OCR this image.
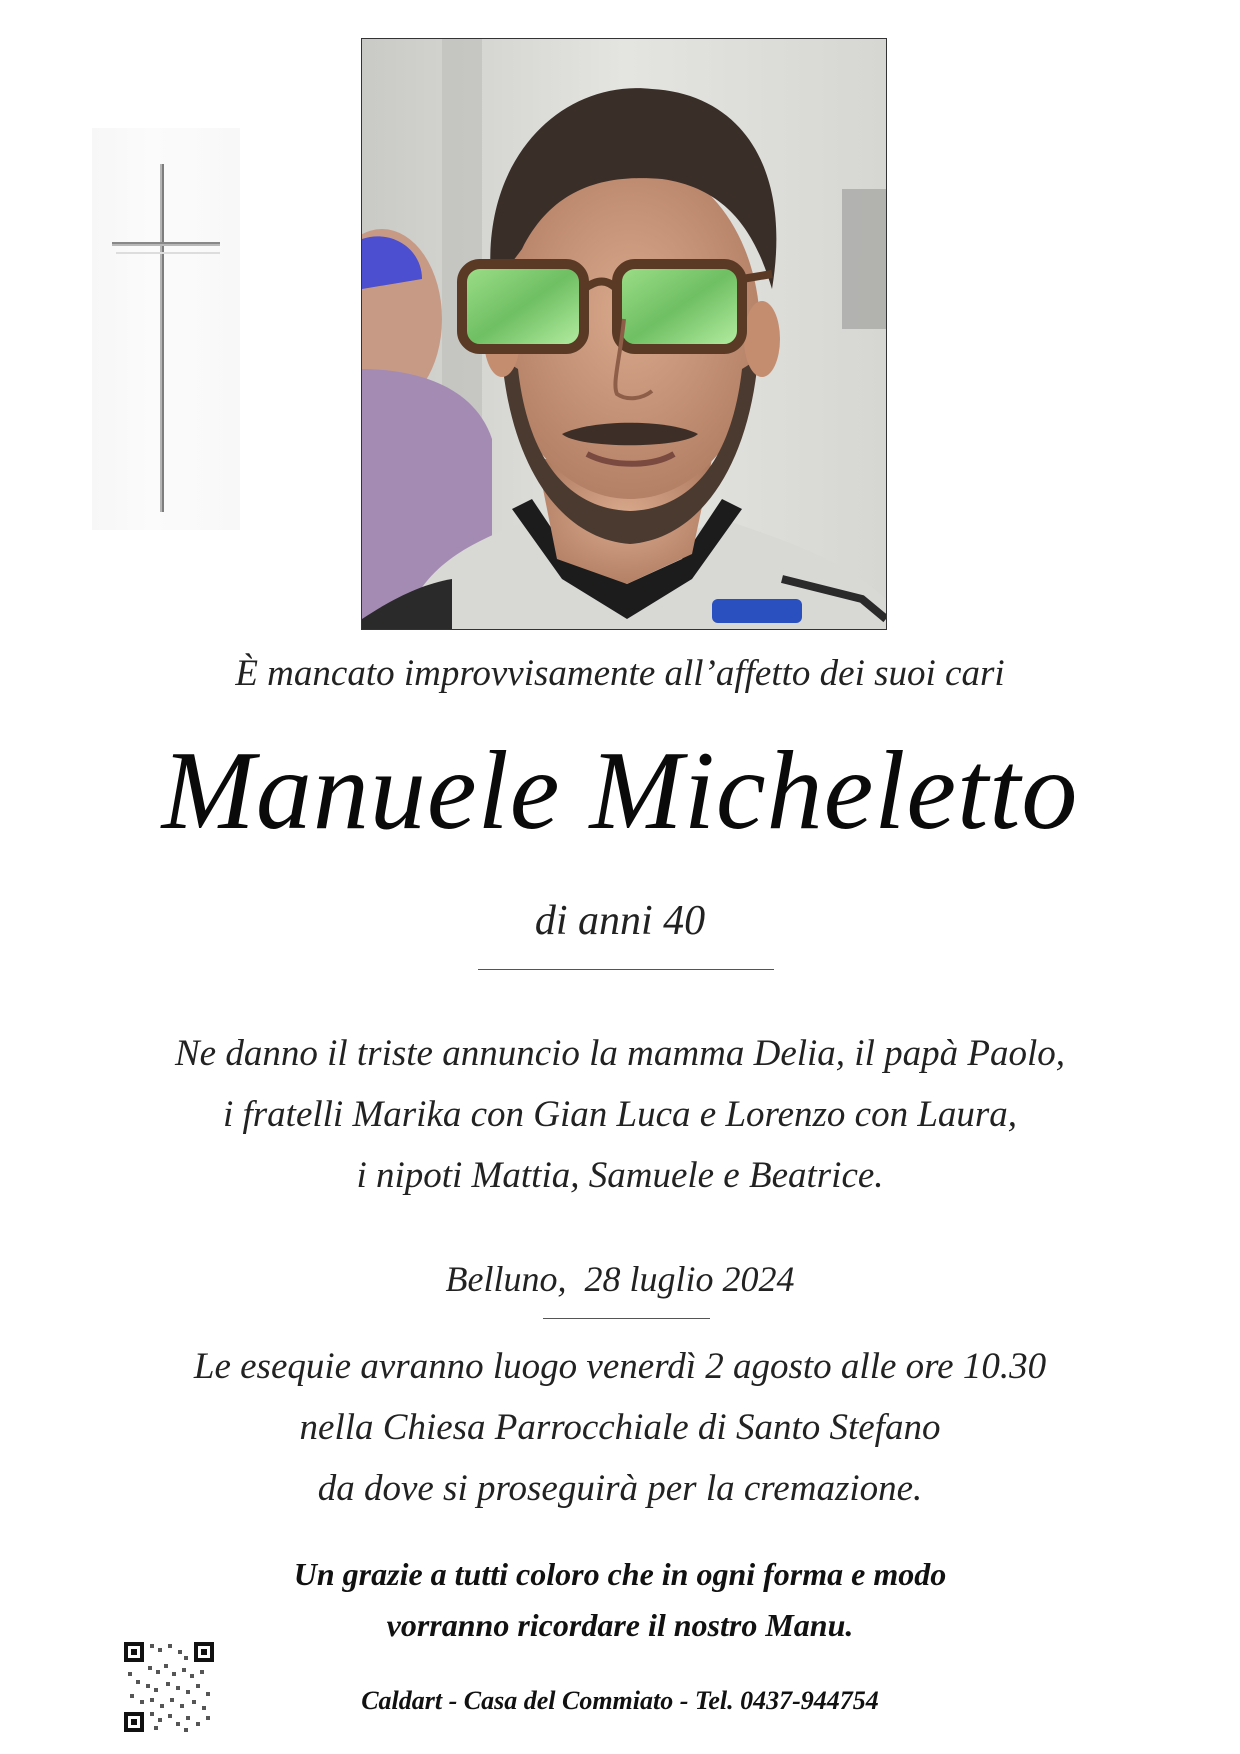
È mancato improvvisamente all’affetto dei suoi cari

Manuele Micheletto

di anni 40

Ne danno il triste annuncio la mamma Delia, il papà Paolo,

i fratelli Marika con Gian Luca e Lorenzo con Laura,

i nipoti Mattia, Samuele e Beatrice.

Belluno, 28 luglio 2024

Le esequie avranno luogo venerdì 2 agosto alle ore 10.30

nella Chiesa Parrocchiale di Santo Stefano

da dove si proseguirà per la cremazione.

Un grazie a tutti coloro che in ogni forma e modo

vorranno ricordare il nostro Manu.

Caldart - Casa del Commiato - Tel. 0437-944754
